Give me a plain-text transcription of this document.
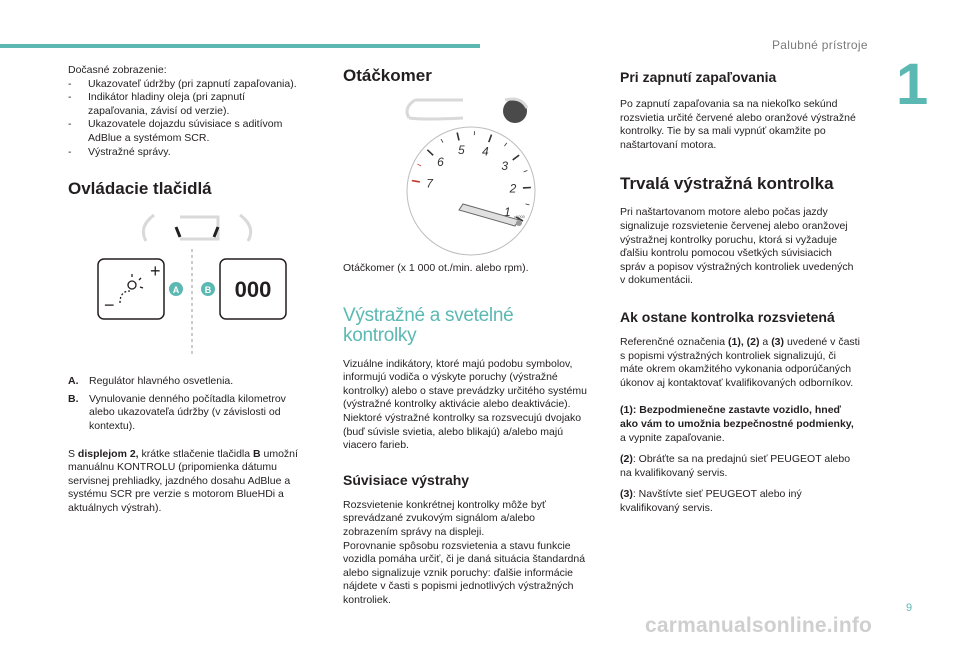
Palubné prístroje
1

Dočasné zobrazenie:

- Ukazovateľ údržby (pri zapnutí zapaľovania).
- Indikátor hladiny oleja (pri zapnutí zapaľovania, závisí od verzie).
- Ukazovatele dojazdu súvisiace s aditívom AdBlue a systémom SCR.
- Výstražné správy.
Ovládacie tlačidlá
+
−
000
A	B
A. Regulátor hlavného osvetlenia.
B. Vynulovanie denného počítadla kilometrov alebo ukazovateľa údržby (v závislosti od kontextu).

S displejom 2, krátke stlačenie tlačidla B umožní manuálnu KONTROLU (pripomienka dátumu servisnej prehliadky, jazdného dosahu AdBlue a systému SCR pre verzie s motorom BlueHDi a aktuálnych výstrah).

Otáčkomer
1
2
3
4
5
6
7
x1000

Otáčkomer (x 1 000 ot./min. alebo rpm).

Výstražné a svetelné kontrolky

Vizuálne indikátory, ktoré majú podobu symbolov, informujú vodiča o výskyte poruchy (výstražné kontrolky) alebo o stave prevádzky určitého systému (výstražné kontrolky aktivácie alebo deaktivácie). Niektoré výstražné kontrolky sa rozsvecujú dvojako (buď súvisle svietia, alebo blikajú) a/alebo majú viacero farieb.

Súvisiace výstrahy

Rozsvietenie konkrétnej kontrolky môže byť sprevádzané zvukovým signálom a/alebo zobrazením správy na displeji.

Porovnanie spôsobu rozsvietenia a stavu funkcie vozidla pomáha určiť, či je daná situácia štandardná alebo signalizuje vznik poruchy: ďalšie informácie nájdete v časti s popismi jednotlivých výstražných kontroliek.

Pri zapnutí zapaľovania

Po zapnutí zapaľovania sa na niekoľko sekúnd rozsvietia určité červené alebo oranžové výstražné kontrolky. Tie by sa mali vypnúť okamžite po naštartovaní motora.

Trvalá výstražná kontrolka

Pri naštartovanom motore alebo počas jazdy signalizuje rozsvietenie červenej alebo oranžovej výstražnej kontrolky poruchu, ktorá si vyžaduje ďalšiu kontrolu pomocou všetkých súvisiacich správ a popisov výstražných kontroliek uvedených v dokumentácii.

Ak ostane kontrolka rozsvietená

Referenčné označenia (1), (2) a (3) uvedené v časti s popismi výstražných kontroliek signalizujú, či máte okrem okamžitého vykonania odporúčaných úkonov aj kontaktovať kvalifikovaných odborníkov.

(1): Bezpodmienečne zastavte vozidlo, hneď ako vám to umožnia bezpečnostné podmienky, a vypnite zapaľovanie.

(2): Obráťte sa na predajnú sieť PEUGEOT alebo na kvalifikovaný servis.

(3): Navštívte sieť PEUGEOT alebo iný kvalifikovaný servis.

9
carmanualsonline.info
